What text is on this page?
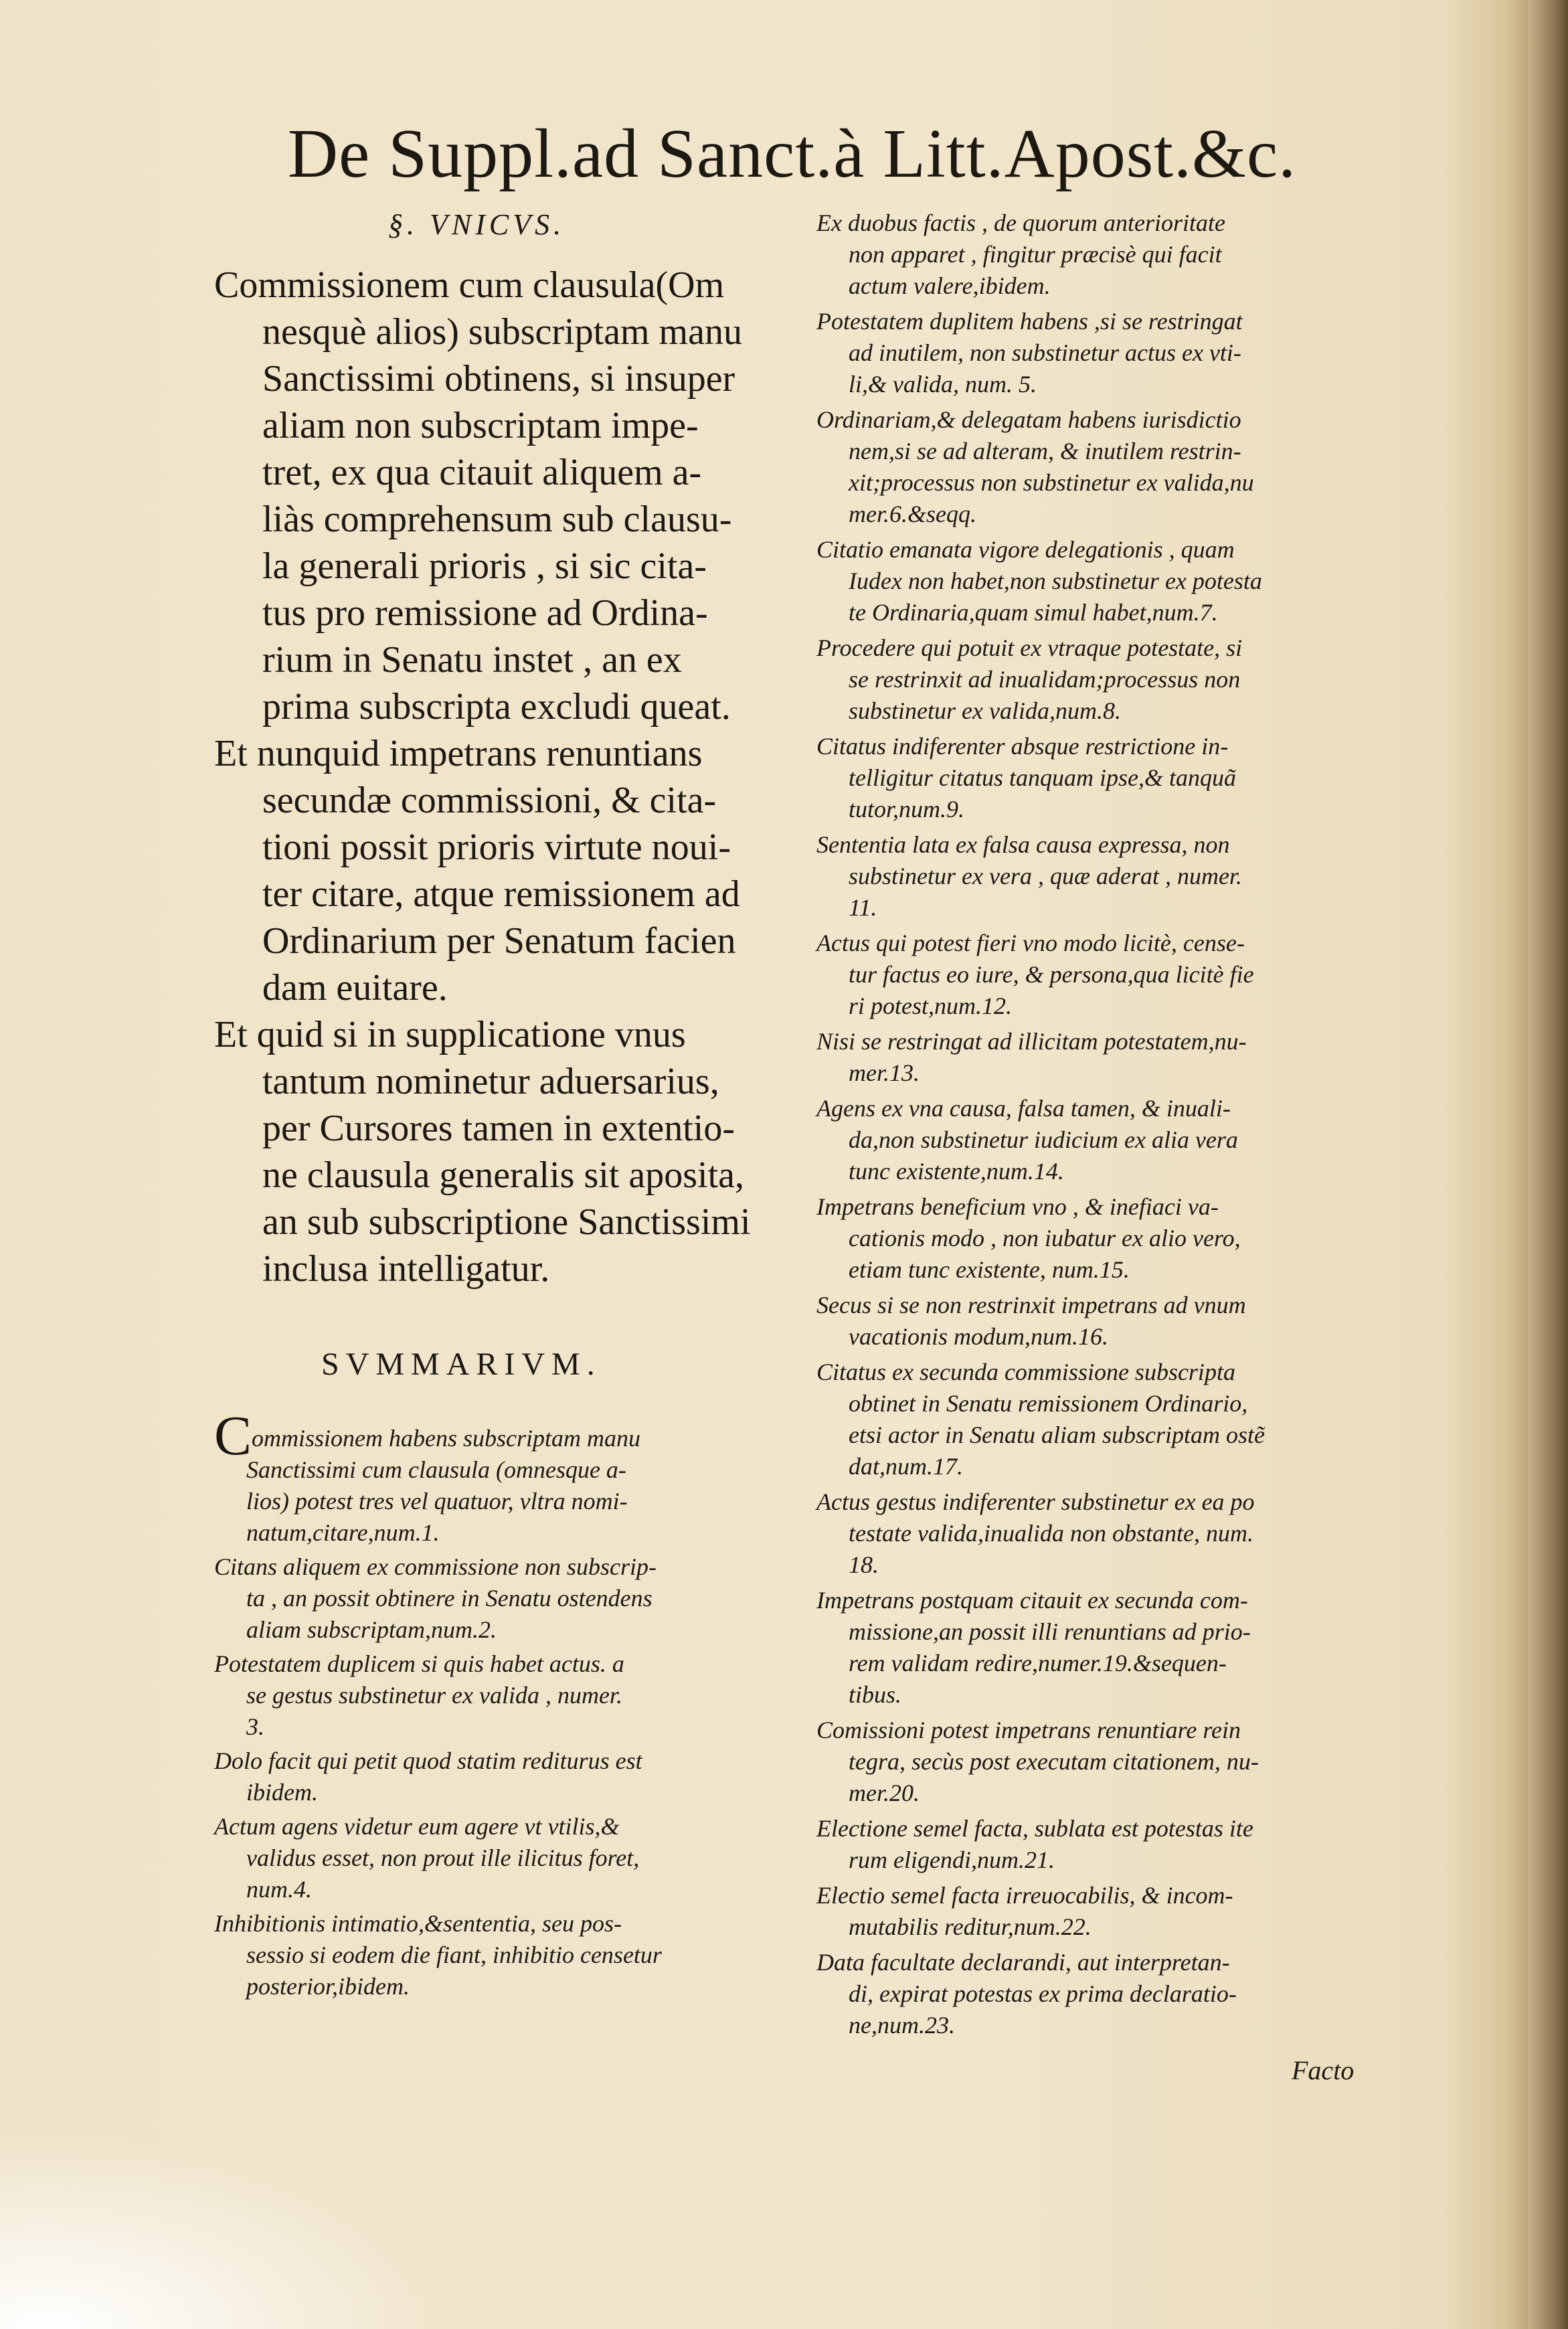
De Suppl.ad Sanct.à Litt.Apost.&c.
§. VNICVS.
Commissionem cum clausula(Om
nesquè alios) subscriptam manu
Sanctissimi obtinens, si insuper
aliam non subscriptam impe-
tret, ex qua citauit aliquem a-
liàs comprehensum sub clausu-
la generali prioris , si sic cita-
tus pro remissione ad Ordina-
rium in Senatu instet , an ex
prima subscripta excludi queat.
Et nunquid impetrans renuntians
secundæ commissioni, & cita-
tioni possit prioris virtute noui-
ter citare, atque remissionem ad
Ordinarium per Senatum facien
dam euitare.
Et quid si in supplicatione vnus
tantum nominetur aduersarius,
per Cursores tamen in extentio-
ne clausula generalis sit aposita,
an sub subscriptione Sanctissimi
inclusa intelligatur.
SVMMARIVM.
Commissionem habens subscriptam manu
Sanctissimi cum clausula (omnesque a-
lios) potest tres vel quatuor, vltra nomi-
natum,citare,num.1.
Citans aliquem ex commissione non subscrip-
ta , an possit obtinere in Senatu ostendens
aliam subscriptam,num.2.
Potestatem duplicem si quis habet actus. a
se gestus substinetur ex valida , numer.
3.
Dolo facit qui petit quod statim rediturus est
ibidem.
Actum agens videtur eum agere vt vtilis,&
validus esset, non prout ille ilicitus foret,
num.4.
Inhibitionis intimatio,&sententia, seu pos-
sessio si eodem die fiant, inhibitio censetur
posterior,ibidem.
Ex duobus factis , de quorum anterioritate
non apparet , fingitur præcisè qui facit
actum valere,ibidem.
Potestatem duplitem habens ,si se restringat
ad inutilem, non substinetur actus ex vti-
li,& valida, num. 5.
Ordinariam,& delegatam habens iurisdictio
nem,si se ad alteram, & inutilem restrin-
xit;processus non substinetur ex valida,nu
mer.6.&seqq.
Citatio emanata vigore delegationis , quam
Iudex non habet,non substinetur ex potesta
te Ordinaria,quam simul habet,num.7.
Procedere qui potuit ex vtraque potestate, si
se restrinxit ad inualidam;processus non
substinetur ex valida,num.8.
Citatus indiferenter absque restrictione in-
telligitur citatus tanquam ipse,& tanquã
tutor,num.9.
Sententia lata ex falsa causa expressa, non
substinetur ex vera , quæ aderat , numer.
11.
Actus qui potest fieri vno modo licitè, cense-
tur factus eo iure, & persona,qua licitè fie
ri potest,num.12.
Nisi se restringat ad illicitam potestatem,nu-
mer.13.
Agens ex vna causa, falsa tamen, & inuali-
da,non substinetur iudicium ex alia vera
tunc existente,num.14.
Impetrans beneficium vno , & inefiaci va-
cationis modo , non iubatur ex alio vero,
etiam tunc existente, num.15.
Secus si se non restrinxit impetrans ad vnum
vacationis modum,num.16.
Citatus ex secunda commissione subscripta
obtinet in Senatu remissionem Ordinario,
etsi actor in Senatu aliam subscriptam ostẽ
dat,num.17.
Actus gestus indiferenter substinetur ex ea po
testate valida,inualida non obstante, num.
18.
Impetrans postquam citauit ex secunda com-
missione,an possit illi renuntians ad prio-
rem validam redire,numer.19.&sequen-
tibus.
Comissioni potest impetrans renuntiare rein
tegra, secùs post executam citationem, nu-
mer.20.
Electione semel facta, sublata est potestas ite
rum eligendi,num.21.
Electio semel facta irreuocabilis, & incom-
mutabilis reditur,num.22.
Data facultate declarandi, aut interpretan-
di, expirat potestas ex prima declaratio-
ne,num.23.
Facto
